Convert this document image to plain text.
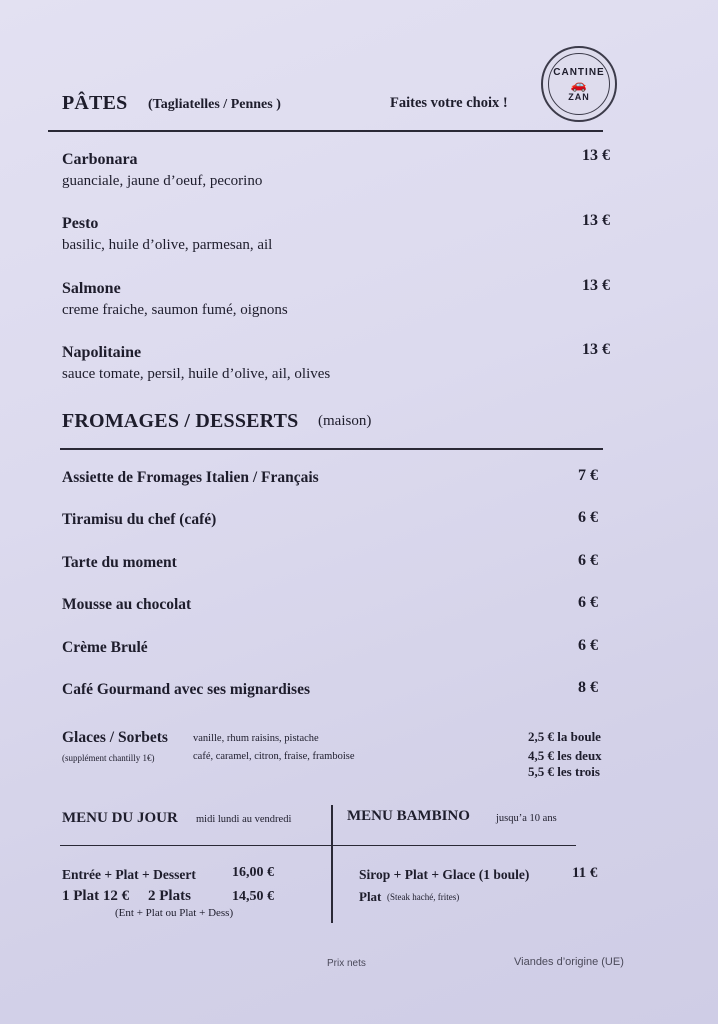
CANTINE
🚗
ZAN
PÂTES (Tagliatelles / Pennes )	Faites votre choix !
Carbonara
guanciale, jaune d’oeuf, pecorino
13 €
Pesto
basilic, huile d’olive, parmesan, ail
13 €
Salmone
creme fraiche, saumon fumé, oignons
13 €
Napolitaine
sauce tomate, persil, huile d’olive, ail, olives
13 €
FROMAGES / DESSERTS (maison)
Assiette de Fromages Italien / Français	7 €
Tiramisu du chef (café)	6 €
Tarte du moment	6 €
Mousse au chocolat	6 €
Crème Brulé	6 €
Café Gourmand avec ses mignardises	8 €
Glaces / Sorbets
(supplément chantilly 1€)
vanille, rhum raisins, pistache
café, caramel, citron, fraise, framboise
2,5 € la boule
4,5 € les deux
5,5 € les trois
MENU DU JOUR midi lundi au vendredi
Entrée + Plat + Dessert	16,00 €
1 Plat 12 € 2 Plats	14,50 €
(Ent + Plat ou Plat + Dess)
MENU BAMBINO jusqu’a 10 ans
Sirop + Plat + Glace (1 boule)	11 €
Plat (Steak haché, frites)
Prix nets	Viandes d’origine (UE)
